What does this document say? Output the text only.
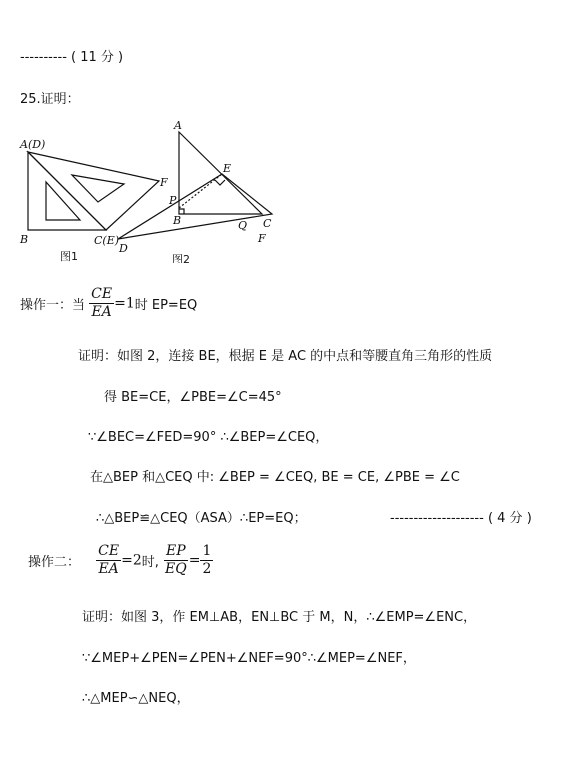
---------- ( 11 分 )
25.证明：
A(D)
F
B	C(E)
图1
A
E
P
B	Q C
F
D
图2
操作一：当 $\frac{CE}{EA} =1$时 EP=EQ
证明：如图 2，连接 BE，根据 E 是 AC 的中点和等腰直角三角形的性质
得 BE=CE，∠PBE=∠C=45°
∵∠BEC=∠FED=90° ∴∠BEP=∠CEQ，
在△BEP 和△CEQ 中: ∠BEP = ∠CEQ, BE = CE, ∠PBE = ∠C
∴△BEP≌△CEQ（ASA）∴EP=EQ；	-------------------- ( 4 分 )
操作二： $\frac{CE}{EA} =2$时, $\frac{EP}{EQ} = \frac{1}{2}$
证明：如图 3，作 EM⊥AB，EN⊥BC 于 M，N，∴∠EMP=∠ENC，
∵∠MEP+∠PEN=∠PEN+∠NEF=90°∴∠MEP=∠NEF，
∴△MEP∽△NEQ，
